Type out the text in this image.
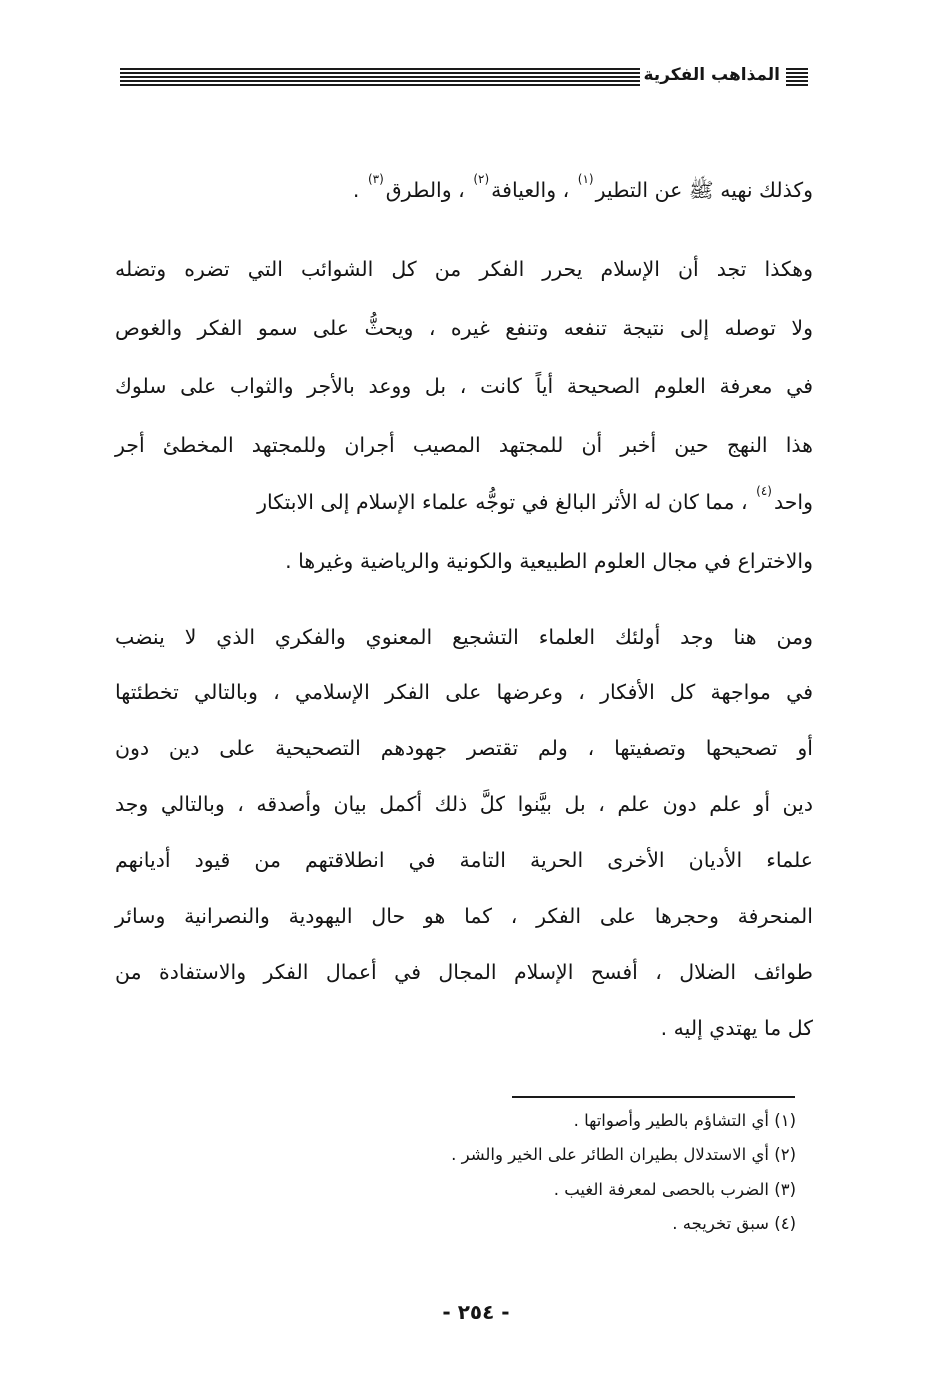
المذاهب الفكرية
وكذلك نهيه ﷺ عن التطير$^{(١)}$ ، والعيافة$^{(٢)}$ ، والطرق$^{(٣)}$ .
وهكذا تجد أن الإسلام يحرر الفكر من كل الشوائب التي تضره وتضله
ولا توصله إلى نتيجة تنفعه وتنفع غيره ، ويحثُّ على سمو الفكر والغوص
في معرفة العلوم الصحيحة أياً كانت ، بل ووعد بالأجر والثواب على سلوك
هذا النهج حين أخبر أن للمجتهد المصيب أجران وللمجتهد المخطئ أجر
واحد$^{(٤)}$ ، مما كان له الأثر البالغ في توجُّه علماء الإسلام إلى الابتكار
والاختراع في مجال العلوم الطبيعية والكونية والرياضية وغيرها .
ومن هنا وجد أولئك العلماء التشجيع المعنوي والفكري الذي لا ينضب
في مواجهة كل الأفكار ، وعرضها على الفكر الإسلامي ، وبالتالي تخطئتها
أو تصحيحها وتصفيتها ، ولم تقتصر جهودهم التصحيحية على دين دون
دين أو علم دون علم ، بل بيَّنوا كلَّ ذلك أكمل بيان وأصدقه ، وبالتالي وجد
علماء الأديان الأخرى الحرية التامة في انطلاقتهم من قيود أديانهم
المنحرفة وحجرها على الفكر ، كما هو حال اليهودية والنصرانية وسائر
طوائف الضلال ، أفسح الإسلام المجال في أعمال الفكر والاستفادة من
كل ما يهتدي إليه .
(١) أي التشاؤم بالطير وأصواتها .
(٢) أي الاستدلال بطيران الطائر على الخير والشر .
(٣) الضرب بالحصى لمعرفة الغيب .
(٤) سبق تخريجه .
- ٢٥٤ -
